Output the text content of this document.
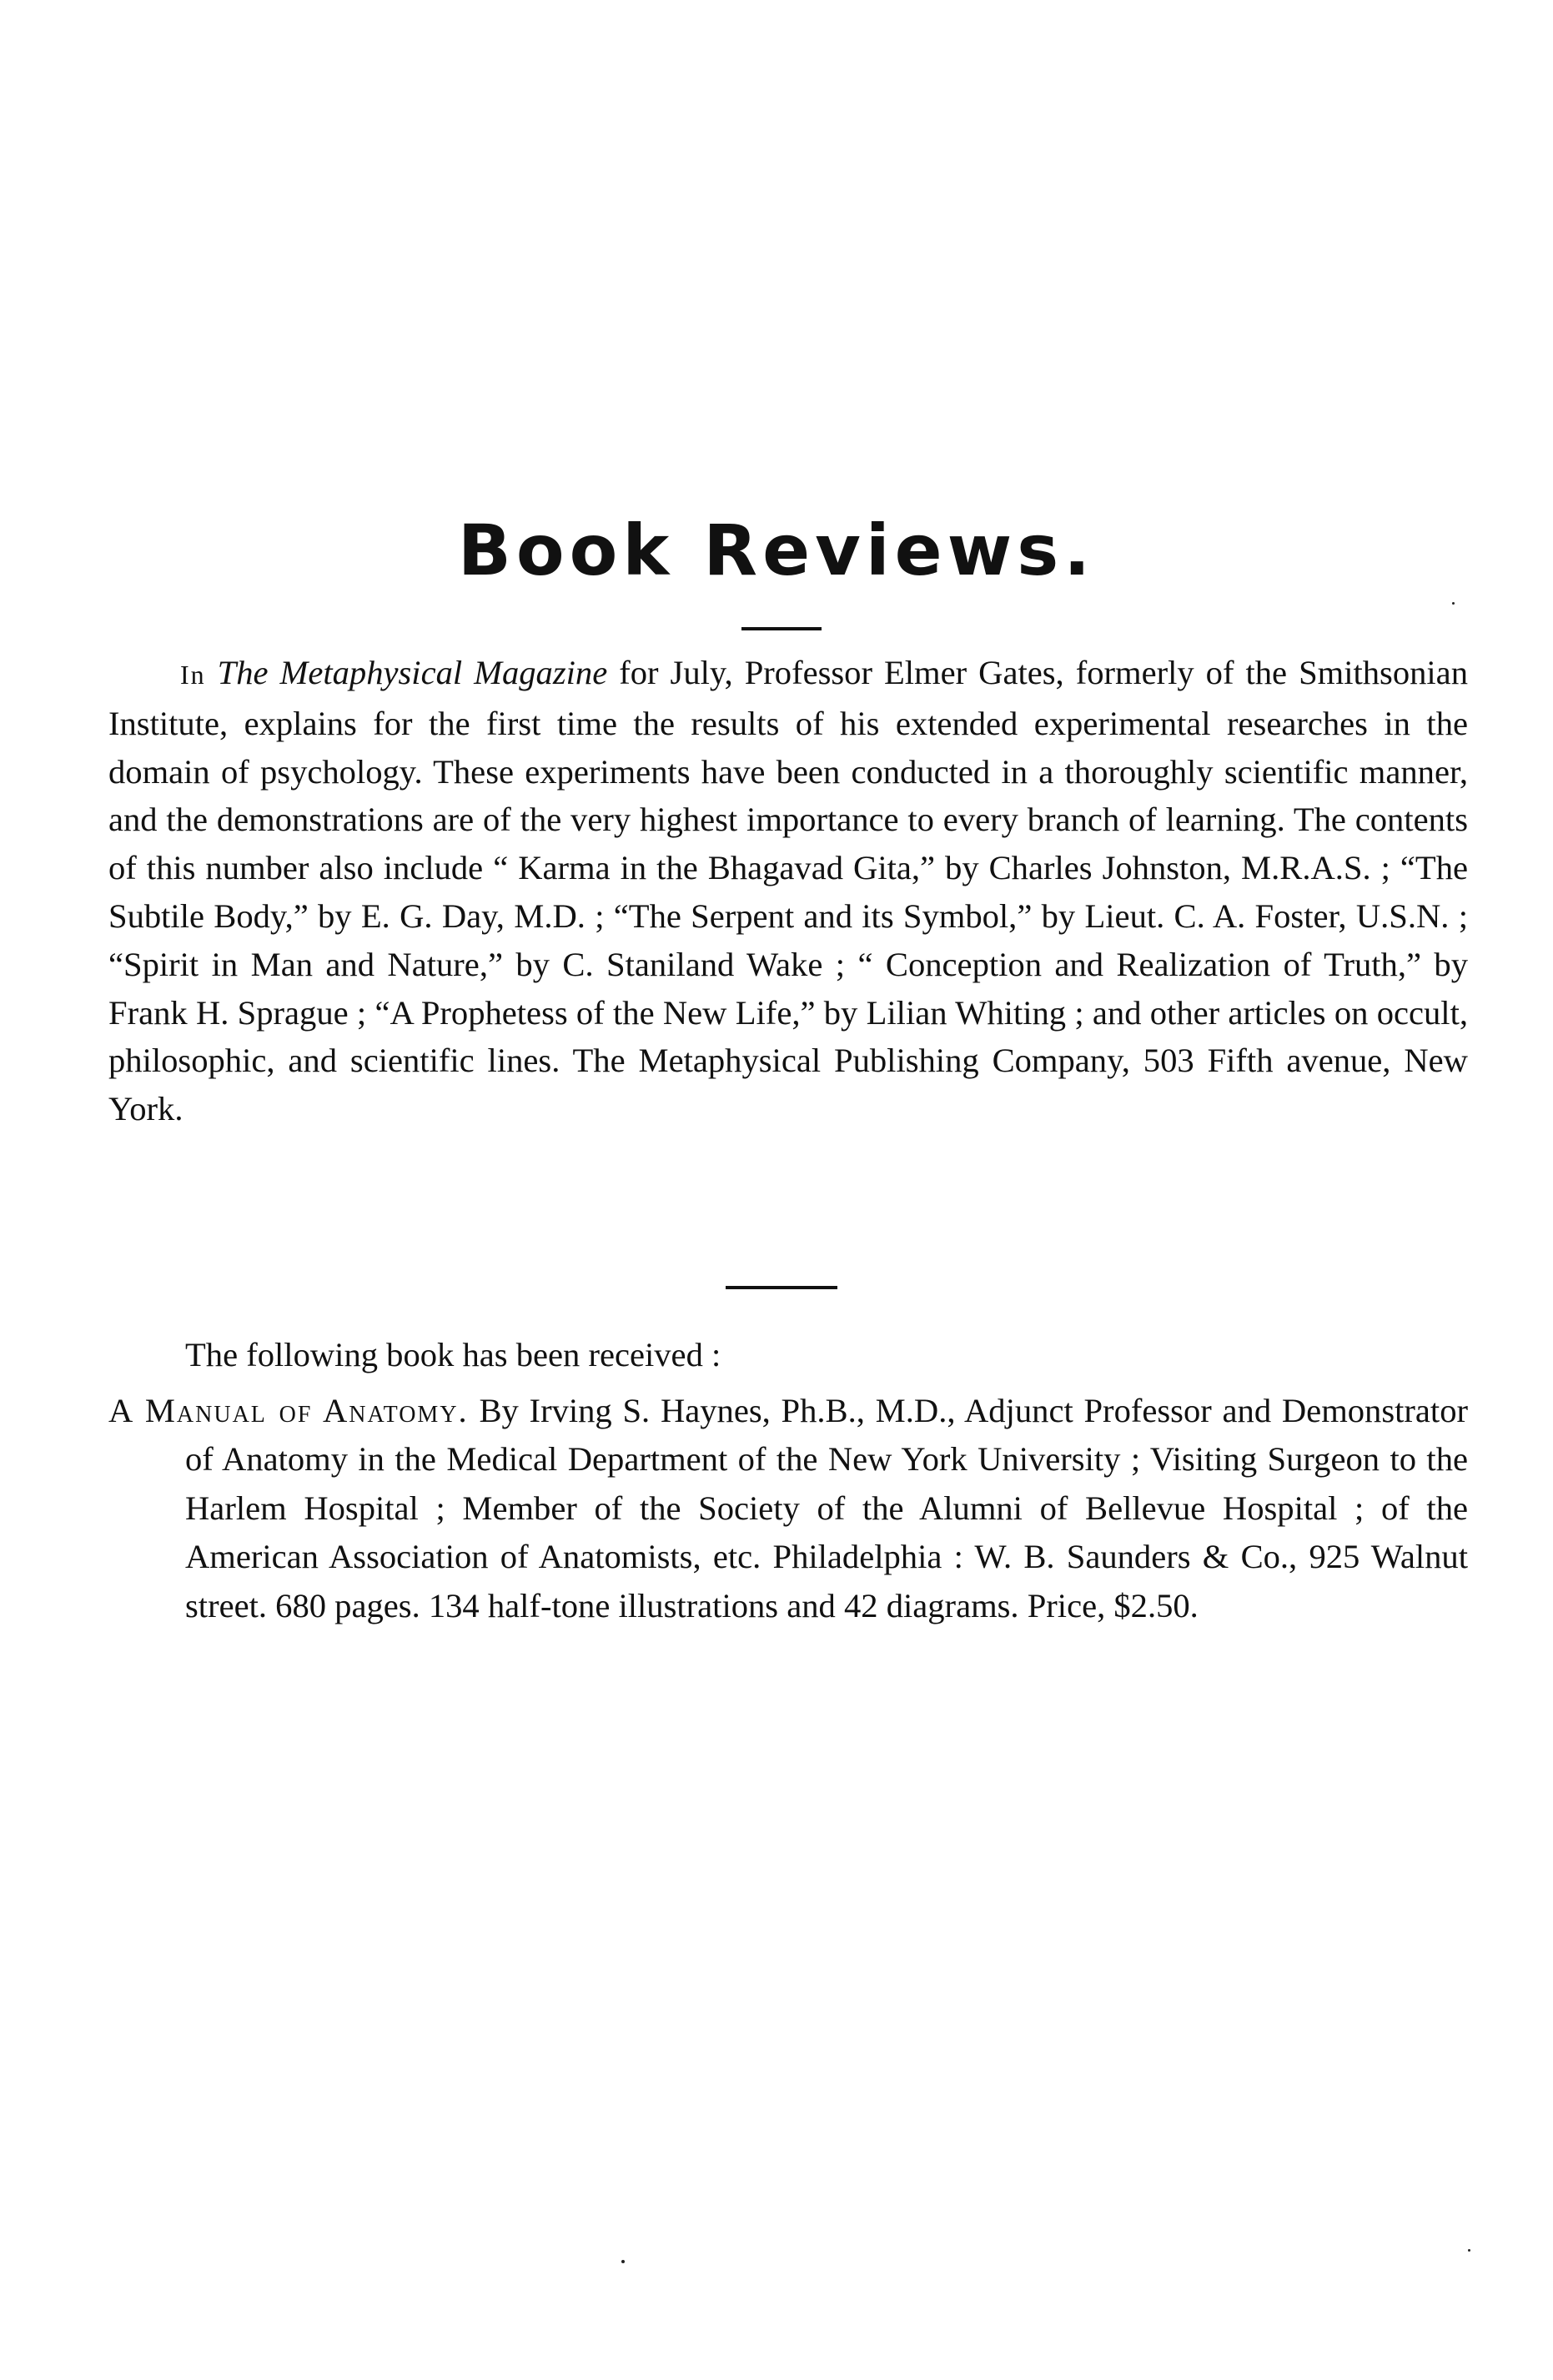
Book Reviews.

In The Metaphysical Magazine for July, Professor Elmer Gates, formerly of the Smithsonian Institute, explains for the first time the results of his extended experimental researches in the domain of psychology. These experiments have been conducted in a thoroughly scientific manner, and the demonstrations are of the very highest importance to every branch of learning. The contents of this number also include “ Karma in the Bhagavad Gita,” by Charles Johnston, M.R.A.S. ; “The Subtile Body,” by E. G. Day, M.D. ; “The Serpent and its Symbol,” by Lieut. C. A. Foster, U.S.N. ; “Spirit in Man and Nature,” by C. Staniland Wake ; “ Conception and Realization of Truth,” by Frank H. Sprague ; “A Prophetess of the New Life,” by Lilian Whiting ; and other articles on occult, philosophic, and scientific lines. The Metaphysical Publishing Company, 503 Fifth avenue, New York.

The following book has been received :

A Manual of Anatomy. By Irving S. Haynes, Ph.B., M.D., Adjunct Professor and Demonstrator of Anatomy in the Medical Department of the New York University ; Visiting Surgeon to the Harlem Hospital ; Member of the Society of the Alumni of Bellevue Hospital ; of the American Association of Anatomists, etc. Philadelphia : W. B. Saunders & Co., 925 Walnut street. 680 pages. 134 half-tone illustrations and 42 diagrams. Price, $2.50.
